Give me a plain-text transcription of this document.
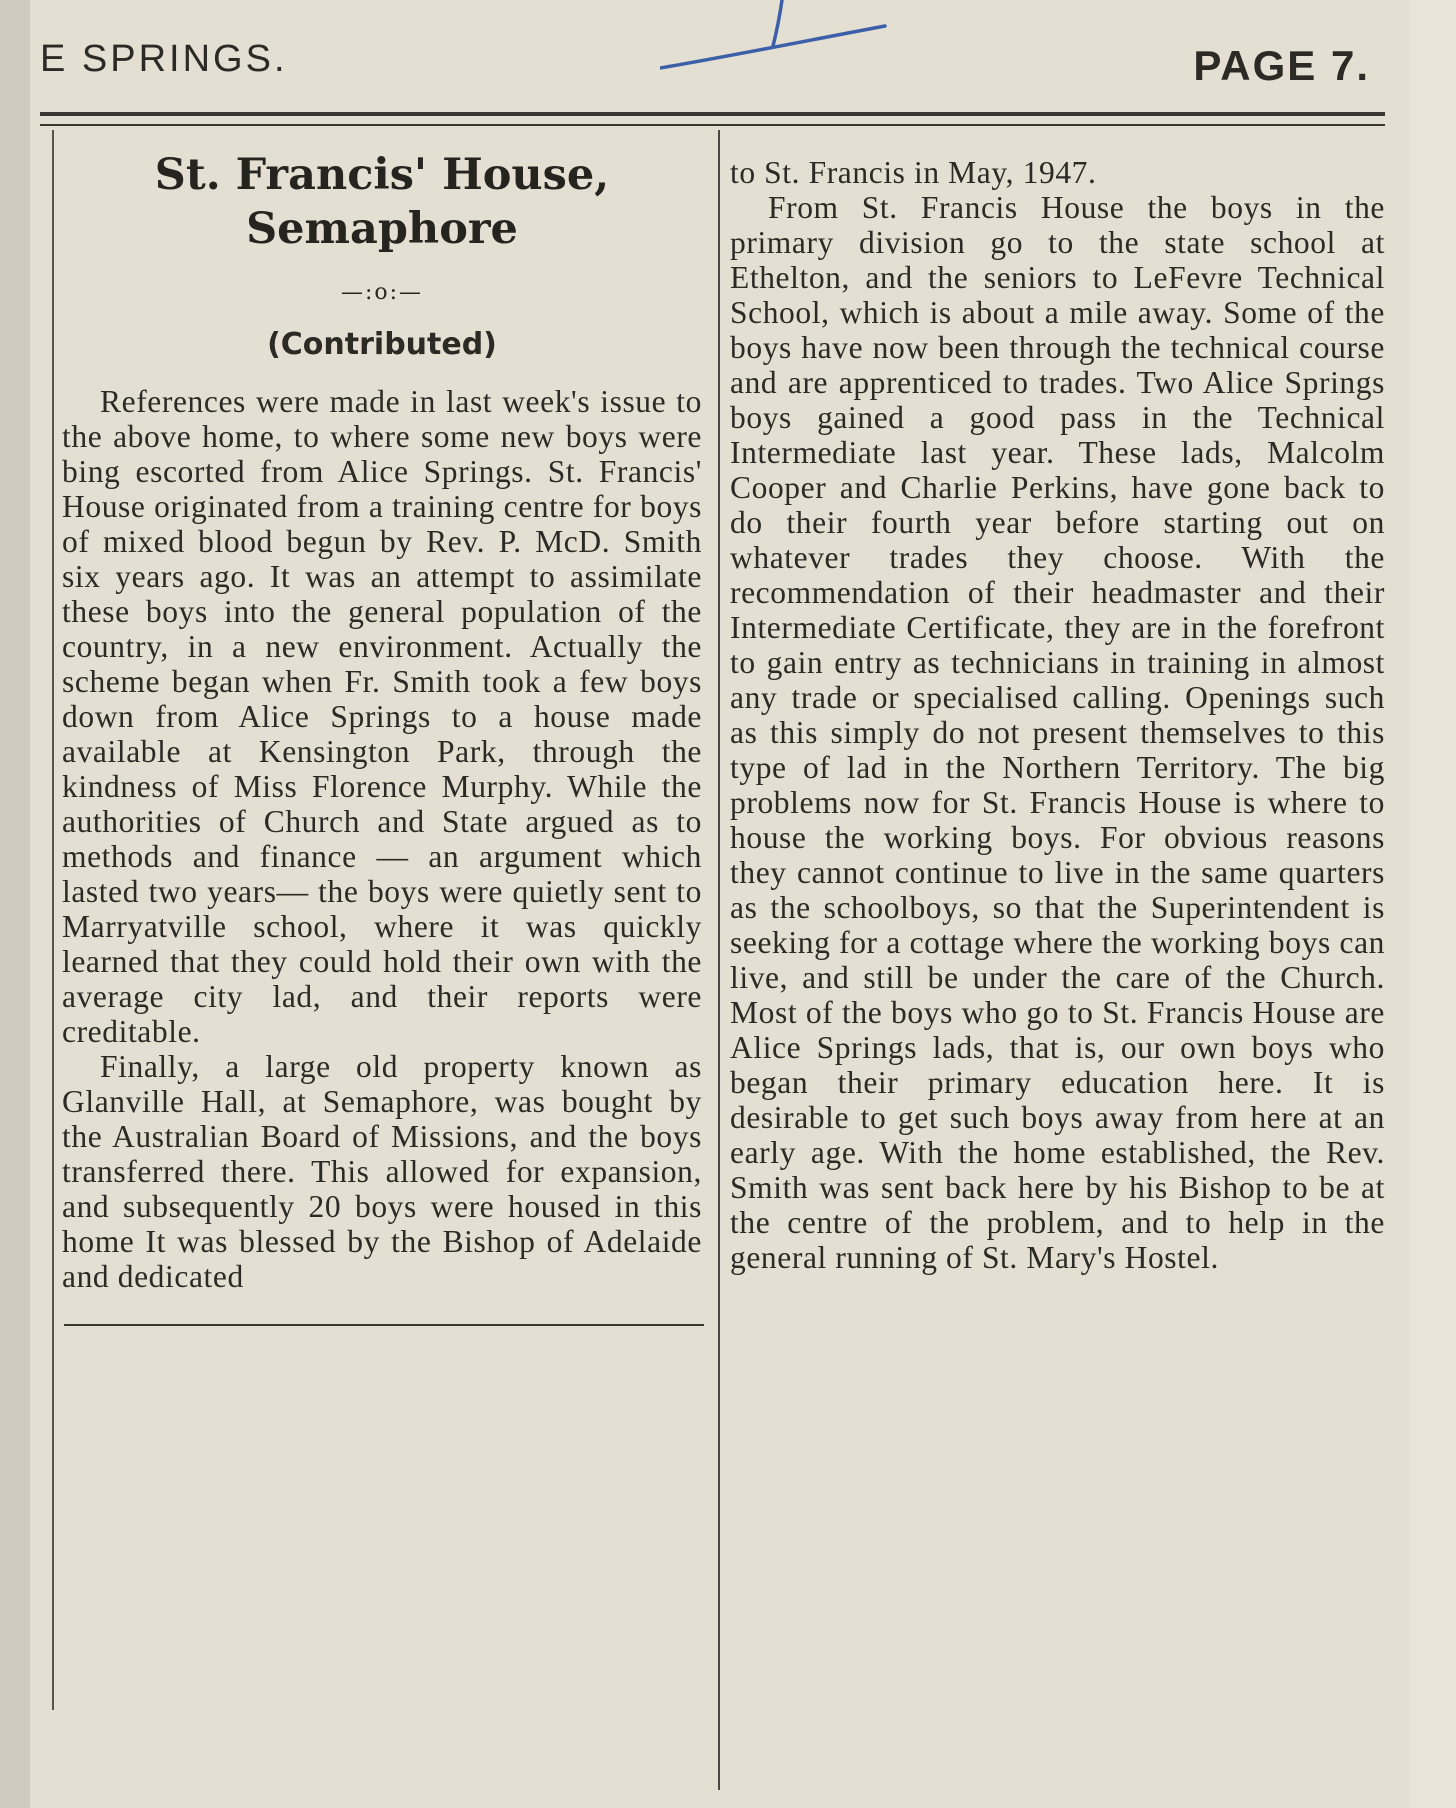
E SPRINGS.	PAGE 7.
St. Francis' House, Semaphore
—:o:—
(Contributed)

References were made in last week's issue to the above home, to where some new boys were bing escorted from Alice Springs. St. Francis' House originated from a training centre for boys of mixed blood begun by Rev. P. McD. Smith six years ago. It was an attempt to assimilate these boys into the general population of the country, in a new environment. Actually the scheme began when Fr. Smith took a few boys down from Alice Springs to a house made available at Kensington Park, through the kindness of Miss Florence Murphy. While the authorities of Church and State argued as to methods and finance — an argument which lasted two years— the boys were quietly sent to Marryatville school, where it was quickly learned that they could hold their own with the average city lad, and their reports were creditable.

Finally, a large old property known as Glanville Hall, at Semaphore, was bought by the Australian Board of Missions, and the boys transferred there. This allowed for expansion, and subsequently 20 boys were housed in this home It was blessed by the Bishop of Adelaide and dedicated

to St. Francis in May, 1947.

From St. Francis House the boys in the primary division go to the state school at Ethelton, and the seniors to LeFevre Technical School, which is about a mile away. Some of the boys have now been through the technical course and are apprenticed to trades. Two Alice Springs boys gained a good pass in the Technical Intermediate last year. These lads, Malcolm Cooper and Charlie Perkins, have gone back to do their fourth year before starting out on whatever trades they choose. With the recommendation of their headmaster and their Intermediate Certificate, they are in the forefront to gain entry as technicians in training in almost any trade or specialised calling. Openings such as this simply do not present themselves to this type of lad in the Northern Territory. The big problems now for St. Francis House is where to house the working boys. For obvious reasons they cannot continue to live in the same quarters as the schoolboys, so that the Superintendent is seeking for a cottage where the working boys can live, and still be under the care of the Church. Most of the boys who go to St. Francis House are Alice Springs lads, that is, our own boys who began their primary education here. It is desirable to get such boys away from here at an early age. With the home established, the Rev. Smith was sent back here by his Bishop to be at the centre of the problem, and to help in the general running of St. Mary's Hostel.
